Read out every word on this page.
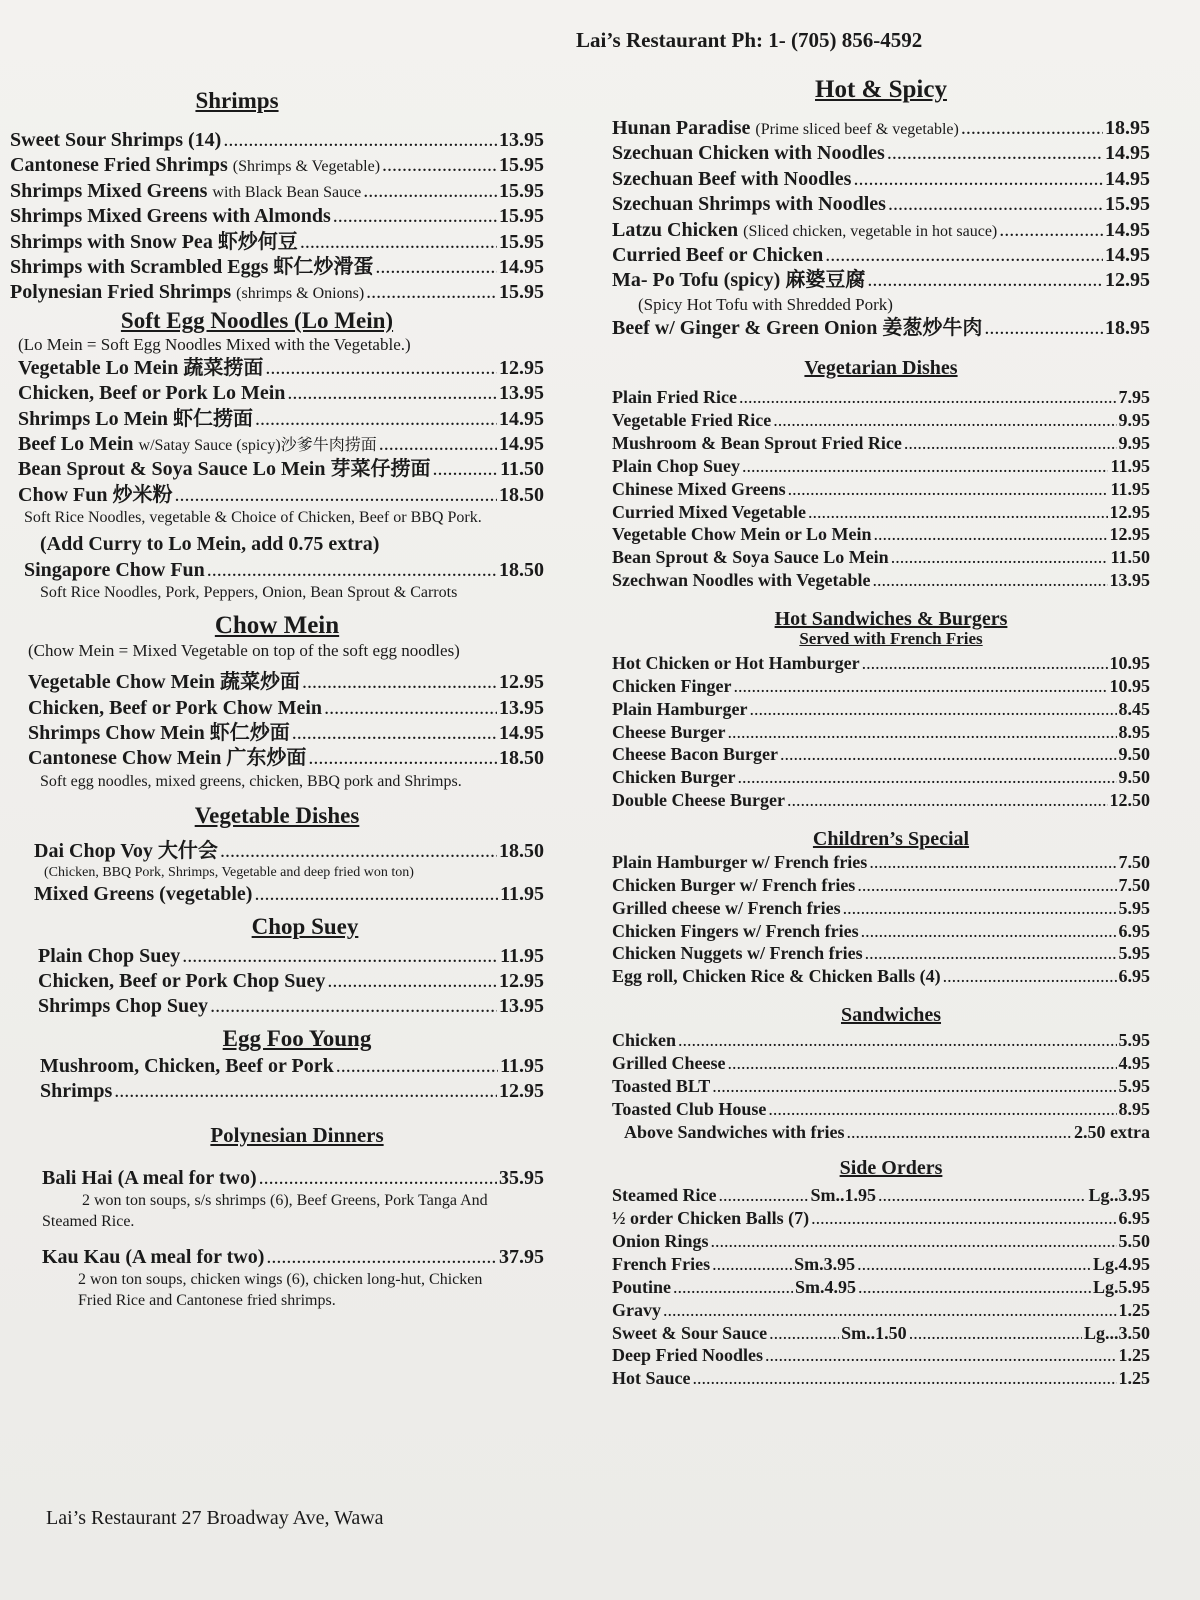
Lai’s Restaurant Ph: 1- (705) 856-4592
Shrimps
Sweet Sour Shrimps (14) .....	13.95
Cantonese Fried Shrimps (Shrimps & Vegetable) .....	15.95
Shrimps Mixed Greens with Black Bean Sauce .....	15.95
Shrimps Mixed Greens with Almonds .....	15.95
Shrimps with Snow Pea 虾炒何豆 .....	15.95
Shrimps with Scrambled Eggs 虾仁炒滑蛋 .....	14.95
Polynesian Fried Shrimps (shrimps & Onions) .....	15.95
Soft Egg Noodles (Lo Mein)
(Lo Mein = Soft Egg Noodles Mixed with the Vegetable.)
Vegetable Lo Mein 蔬菜捞面 .....	12.95
Chicken, Beef or Pork Lo Mein .....	13.95
Shrimps Lo Mein 虾仁捞面 .....	14.95
Beef Lo Mein w/Satay Sauce (spicy)沙爹牛肉捞面 .....	14.95
Bean Sprout & Soya Sauce Lo Mein 芽菜仔捞面 .....	11.50
Chow Fun 炒米粉 .....	18.50
Soft Rice Noodles, vegetable & Choice of Chicken, Beef or BBQ Pork.
(Add Curry to Lo Mein, add 0.75 extra)
Singapore Chow Fun .....	18.50
Soft Rice Noodles, Pork, Peppers, Onion, Bean Sprout & Carrots
Chow Mein
(Chow Mein = Mixed Vegetable on top of the soft egg noodles)
Vegetable Chow Mein 蔬菜炒面 .....	12.95
Chicken, Beef or Pork Chow Mein .....	13.95
Shrimps Chow Mein 虾仁炒面 .....	14.95
Cantonese Chow Mein 广东炒面 .....	18.50
Soft egg noodles, mixed greens, chicken, BBQ pork and Shrimps.
Vegetable Dishes
Dai Chop Voy 大什会 .....	18.50
(Chicken, BBQ Pork, Shrimps, Vegetable and deep fried won ton)
Mixed Greens (vegetable) .....	11.95
Chop Suey
Plain Chop Suey .....	11.95
Chicken, Beef or Pork Chop Suey .....	12.95
Shrimps Chop Suey .....	13.95
Egg Foo Young
Mushroom, Chicken, Beef or Pork .....	11.95
Shrimps .....	12.95
Polynesian Dinners
Bali Hai (A meal for two) .....	35.95
2 won ton soups, s/s shrimps (6), Beef Greens, Pork Tanga And Steamed Rice.
Kau Kau (A meal for two) .....	37.95
2 won ton soups, chicken wings (6), chicken long-hut, Chicken Fried Rice and Cantonese fried shrimps.
Lai’s Restaurant 27 Broadway Ave, Wawa
Hot & Spicy
Hunan Paradise (Prime sliced beef & vegetable) .....	18.95
Szechuan Chicken with Noodles .....	14.95
Szechuan Beef with Noodles .....	14.95
Szechuan Shrimps with Noodles .....	15.95
Latzu Chicken (Sliced chicken, vegetable in hot sauce) .....	14.95
Curried Beef or Chicken .....	14.95
Ma- Po Tofu (spicy) 麻婆豆腐 .....	12.95
(Spicy Hot Tofu with Shredded Pork)
Beef w/ Ginger & Green Onion 姜葱炒牛肉 .....	18.95
Vegetarian Dishes
Plain Fried Rice .....	7.95
Vegetable Fried Rice .....	9.95
Mushroom & Bean Sprout Fried Rice .....	9.95
Plain Chop Suey .....	11.95
Chinese Mixed Greens .....	11.95
Curried Mixed Vegetable .....	12.95
Vegetable Chow Mein or Lo Mein .....	12.95
Bean Sprout & Soya Sauce Lo Mein .....	11.50
Szechwan Noodles with Vegetable .....	13.95
Hot Sandwiches & Burgers
Served with French Fries
Hot Chicken or Hot Hamburger .....	10.95
Chicken Finger .....	10.95
Plain Hamburger .....	8.45
Cheese Burger .....	8.95
Cheese Bacon Burger .....	9.50
Chicken Burger .....	9.50
Double Cheese Burger .....	12.50
Children’s Special
Plain Hamburger w/ French fries .....	7.50
Chicken Burger w/ French fries .....	7.50
Grilled cheese w/ French fries .....	5.95
Chicken Fingers w/ French fries .....	6.95
Chicken Nuggets w/ French fries .....	5.95
Egg roll, Chicken Rice & Chicken Balls (4) .....	6.95
Sandwiches
Chicken .....	5.95
Grilled Cheese .....	4.95
Toasted BLT .....	5.95
Toasted Club House .....	8.95
Above Sandwiches with fries .....	2.50 extra
Side Orders
Steamed Rice .....	Sm..1.95 .....	Lg..3.95
½ order Chicken Balls (7) .....	6.95
Onion Rings .....	5.50
French Fries .....	Sm.3.95 .....	Lg.4.95
Poutine .....	Sm.4.95 .....	Lg.5.95
Gravy .....	1.25
Sweet & Sour Sauce .....	Sm..1.50 .....	Lg...3.50
Deep Fried Noodles .....	1.25
Hot Sauce .....	1.25
